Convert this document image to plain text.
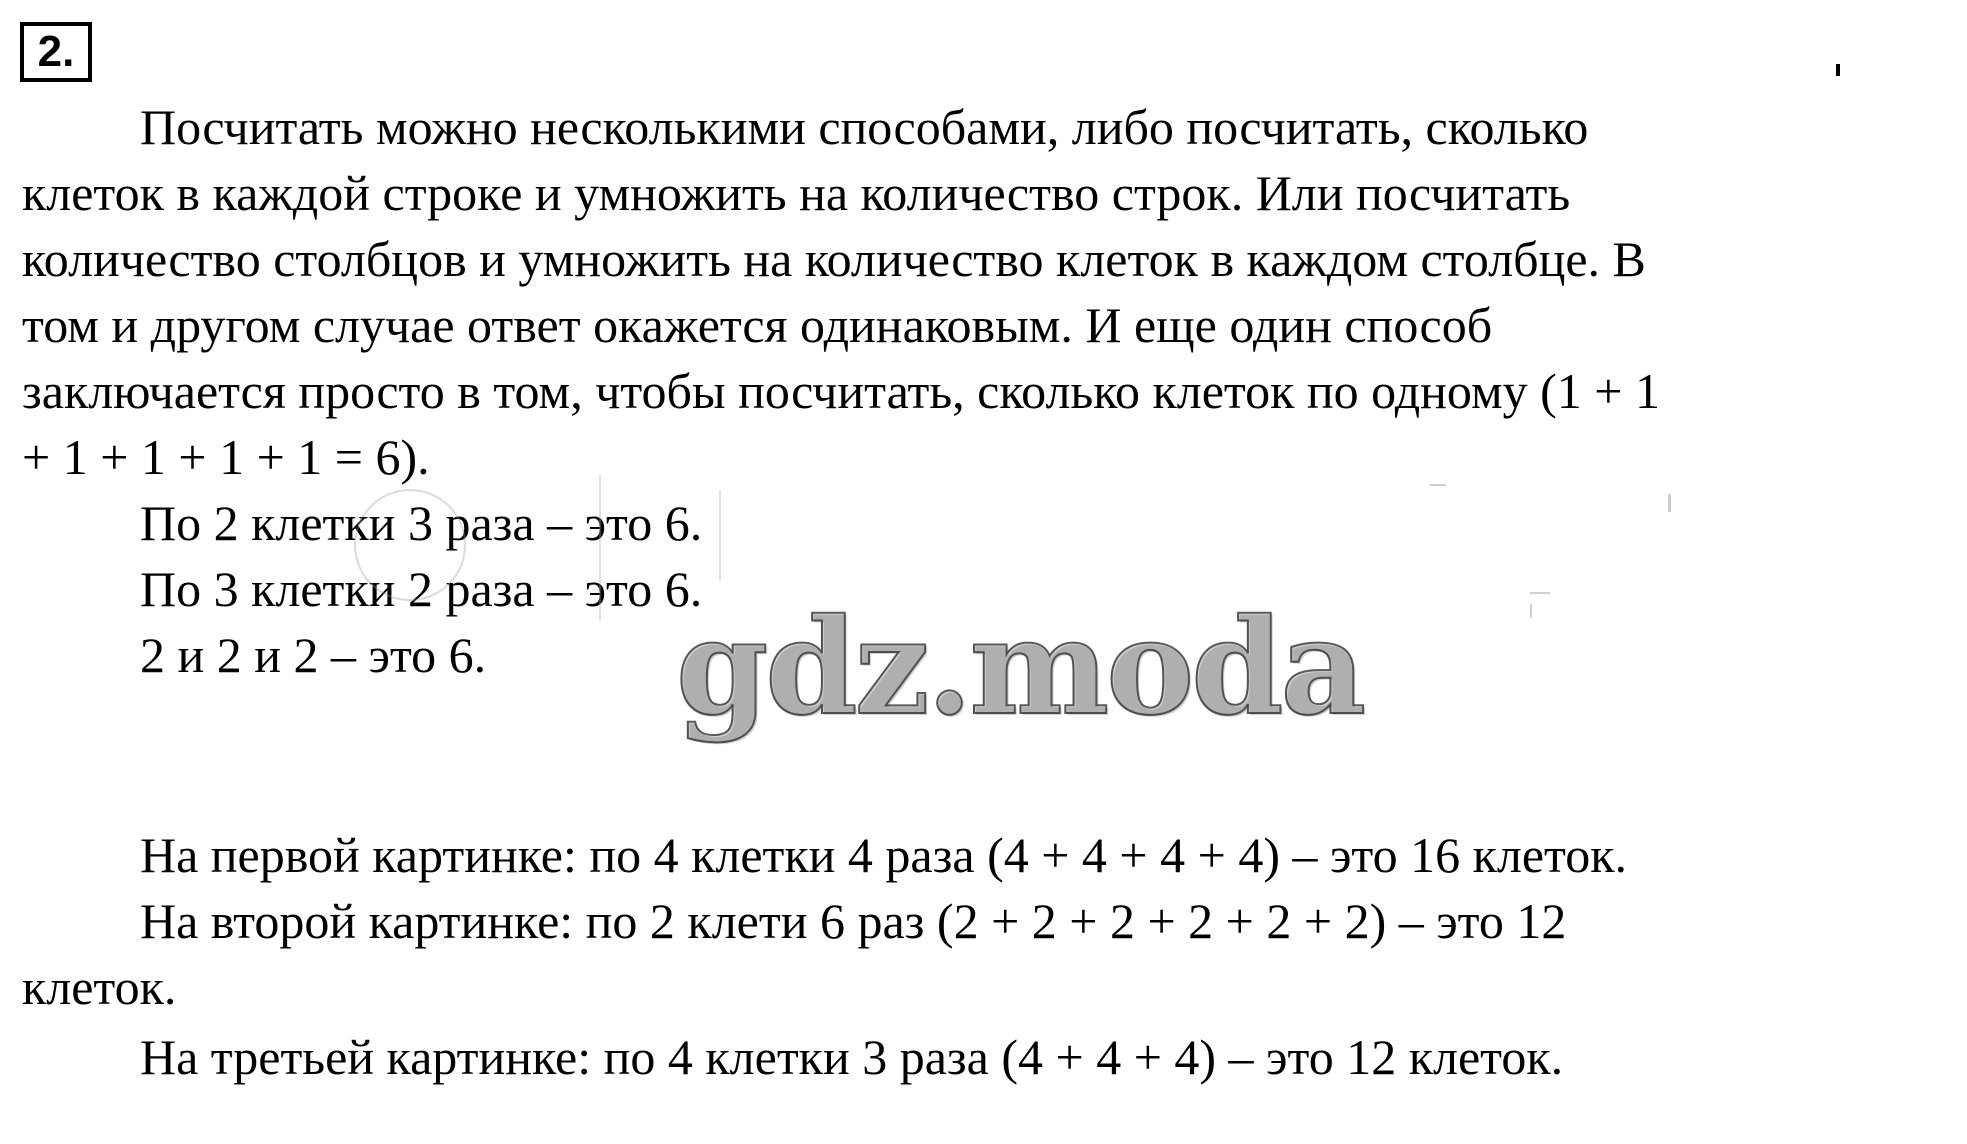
2.
Посчитать можно несколькими способами, либо посчитать, сколько
клеток в каждой строке и умножить на количество строк. Или посчитать
количество столбцов и умножить на количество клеток в каждом столбце. В
том и другом случае ответ окажется одинаковым. И еще один способ
заключается просто в том, чтобы посчитать, сколько клеток по одному (1 + 1
+ 1 + 1 + 1 + 1 = 6).
По 2 клетки 3 раза – это 6.
По 3 клетки 2 раза – это 6.
2 и 2 и 2 – это 6.
На первой картинке: по 4 клетки 4 раза (4 + 4 + 4 + 4) – это 16 клеток.
На второй картинке: по 2 клети 6 раз (2 + 2 + 2 + 2 + 2 + 2) – это 12
клеток.
На третьей картинке: по 4 клетки 3 раза (4 + 4 + 4) – это 12 клеток.
gdz.moda
